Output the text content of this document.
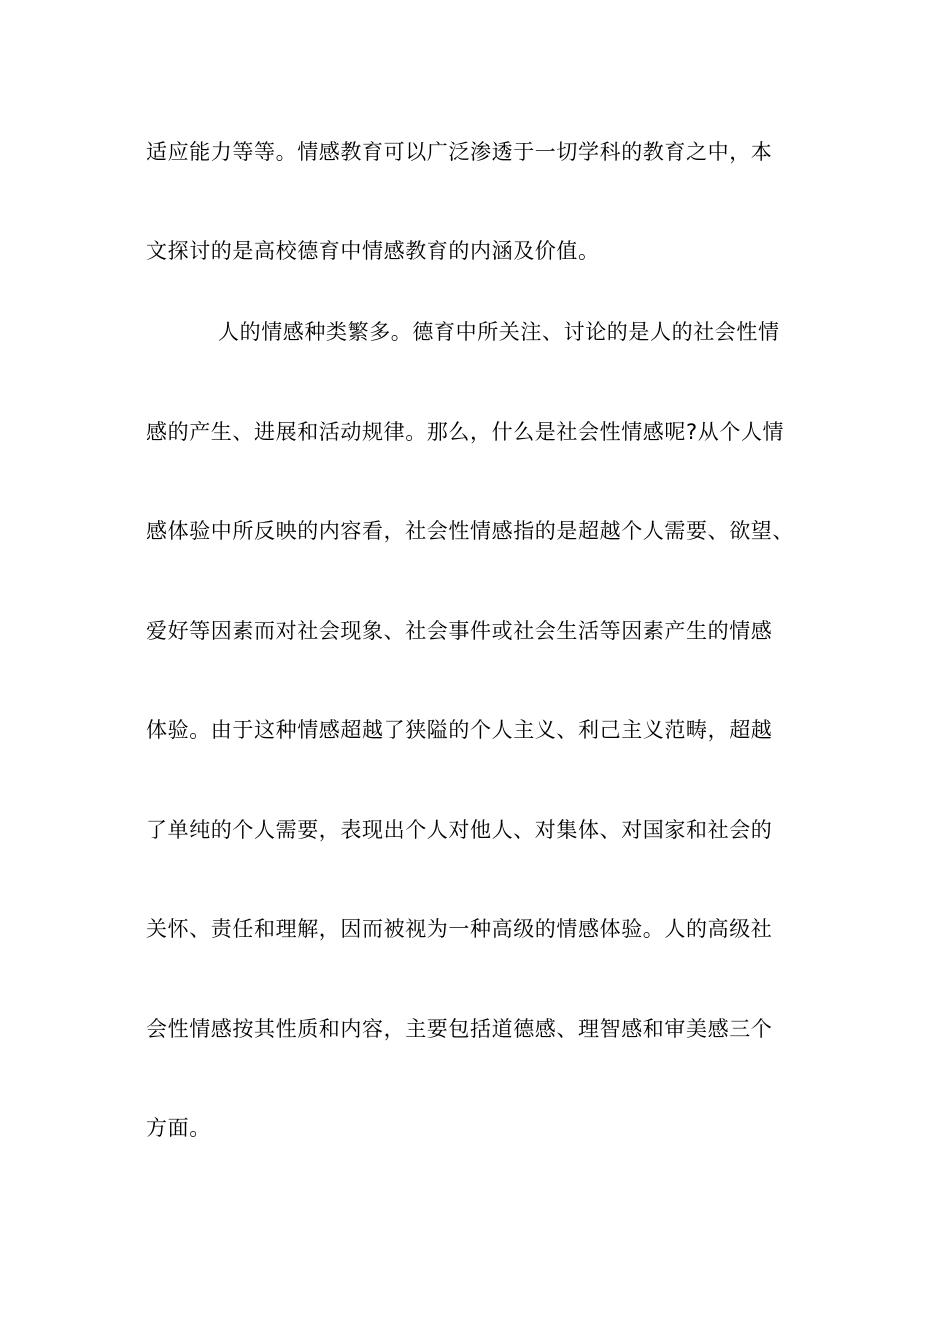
适应能力等等。情感教育可以广泛渗透于一切学科的教育之中，本
文探讨的是高校德育中情感教育的内涵及价值。
人的情感种类繁多。德育中所关注、讨论的是人的社会性情
感的产生、进展和活动规律。那么，什么是社会性情感呢?从个人情
感体验中所反映的内容看，社会性情感指的是超越个人需要、欲望、
爱好等因素而对社会现象、社会事件或社会生活等因素产生的情感
体验。由于这种情感超越了狭隘的个人主义、利己主义范畴，超越
了单纯的个人需要，表现出个人对他人、对集体、对国家和社会的
关怀、责任和理解，因而被视为一种高级的情感体验。人的高级社
会性情感按其性质和内容，主要包括道德感、理智感和审美感三个
方面。
